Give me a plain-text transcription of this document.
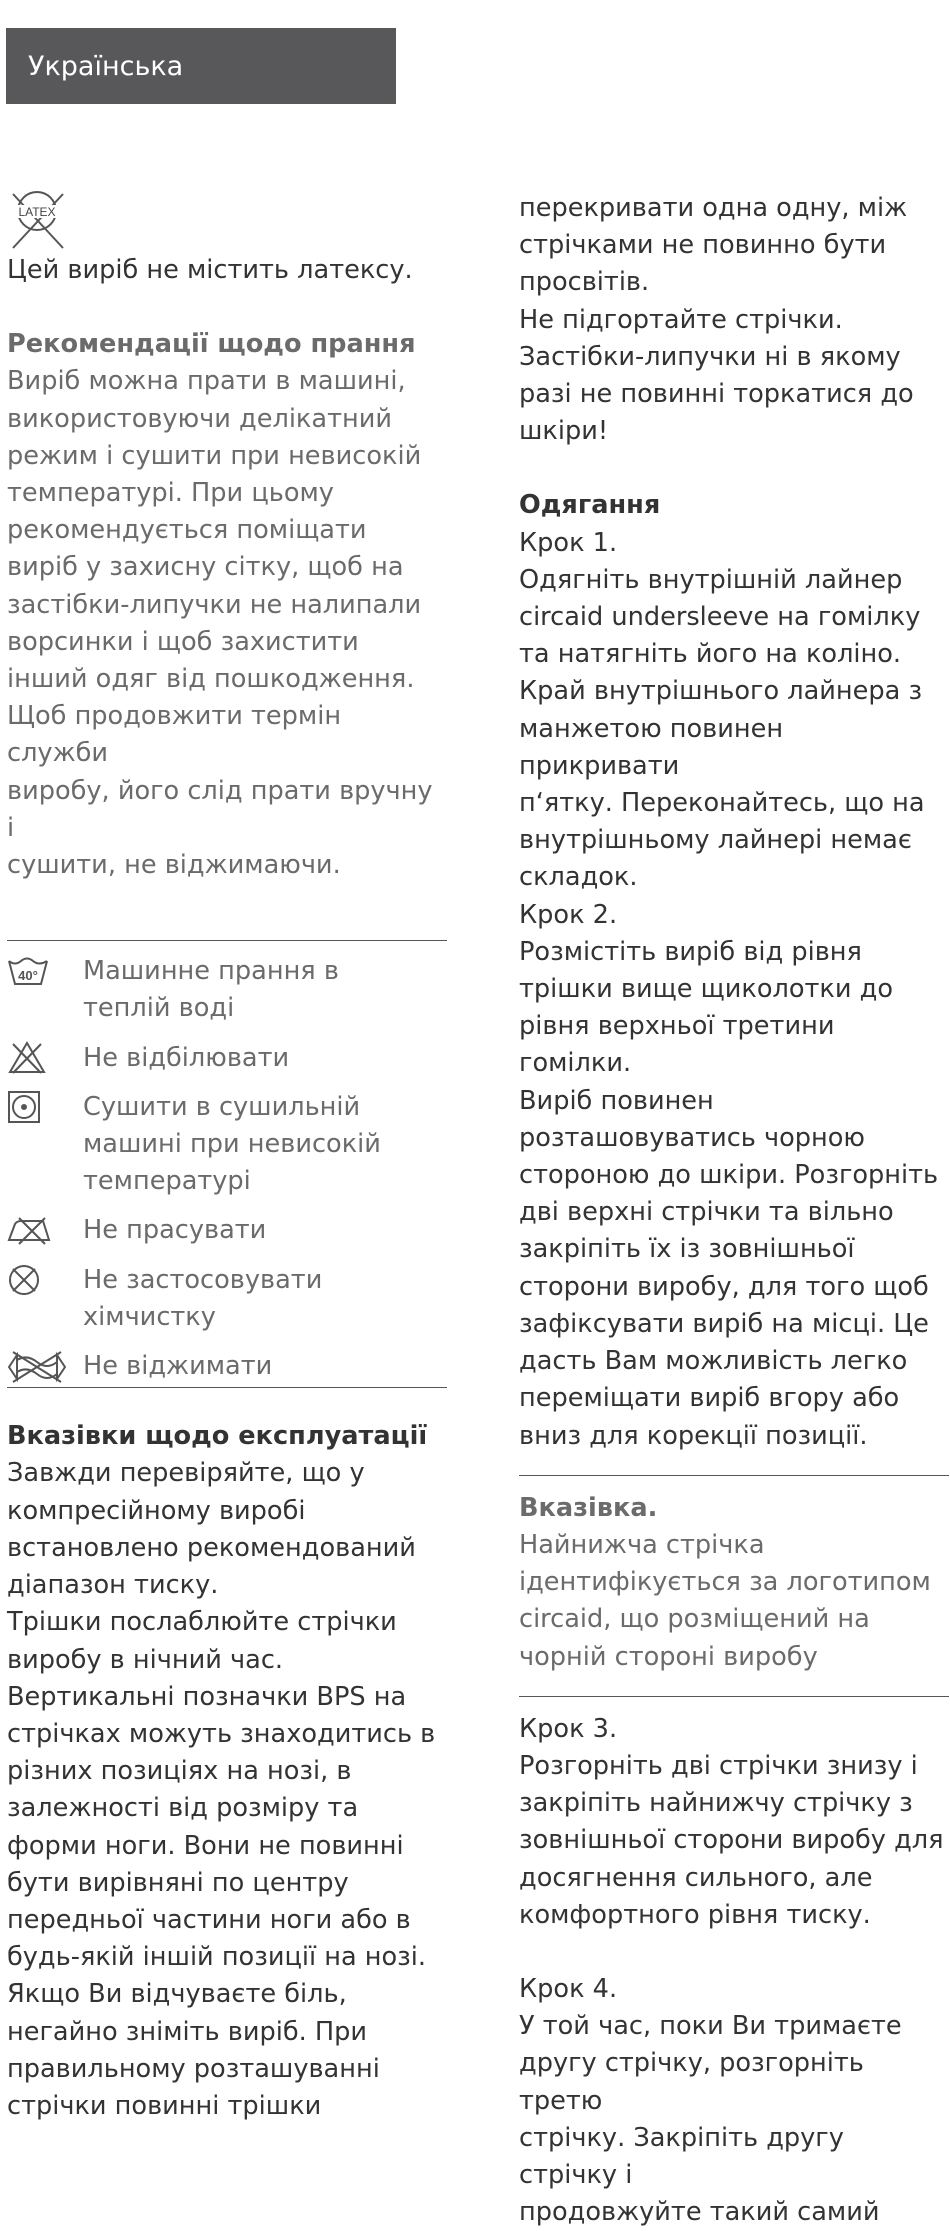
Українська
LATEX

Цей виріб не містить латексу.

Рекомендації щодо прання

Виріб можна прати в машині,

використовуючи делікатний

режим і сушити при невисокій

температурі. При цьому

рекомендується поміщати

виріб у захисну сітку, щоб на

застібки-липучки не налипали

ворсинки і щоб захистити

інший одяг від пошкодження.

Щоб продовжити термін служби

виробу, його слід прати вручну і

сушити, не віджимаючи.

40° Машинне прання в

теплій воді

Не відбілювати

Сушити в сушильній

машині при невисокій

температурі

Не прасувати

Не застосовувати

хімчистку

Не віджимати

Вказівки щодо експлуатації

Завжди перевіряйте, що у

компресійному виробі

встановлено рекомендований

діапазон тиску.

Трішки послаблюйте стрічки

виробу в нічний час.

Вертикальні позначки BPS на

стрічках можуть знаходитись в

різних позиціях на нозі, в

залежності від розміру та

форми ноги. Вони не повинні

бути вирівняні по центру

передньої частини ноги або в

будь-якій іншій позиції на нозі.

Якщо Ви відчуваєте біль,

негайно зніміть виріб. При

правильному розташуванні

стрічки повинні трішки

перекривати одна одну, між

стрічками не повинно бути

просвітів.

Не підгортайте стрічки.

Застібки-липучки ні в якому

разі не повинні торкатися до

шкіри!

Одягання

Крок 1.

Одягніть внутрішній лайнер

circaid undersleeve на гомілку

та натягніть його на коліно.

Край внутрішнього лайнера з

манжетою повинен прикривати

п‘ятку. Переконайтесь, що на

внутрішньому лайнері немає

складок.

Крок 2.

Розмістіть виріб від рівня

трішки вище щиколотки до

рівня верхньої третини гомілки.

Виріб повинен

розташовуватись чорною

стороною до шкіри. Розгорніть

дві верхні стрічки та вільно

закріпіть їх із зовнішньої

сторони виробу, для того щоб

зафіксувати виріб на місці. Це

дасть Вам можливість легко

переміщати виріб вгору або

вниз для корекції позиції.

Вказівка.

Найнижча стрічка

ідентифікується за логотипом

circaid, що розміщений на

чорній стороні виробу

Крок 3.

Розгорніть дві стрічки знизу і

закріпіть найнижчу стрічку з

зовнішньої сторони виробу для

досягнення сильного, але

комфортного рівня тиску.

Крок 4.

У той час, поки Ви тримаєте

другу стрічку, розгорніть третю

стрічку. Закріпіть другу стрічку і

продовжуйте такий самий
